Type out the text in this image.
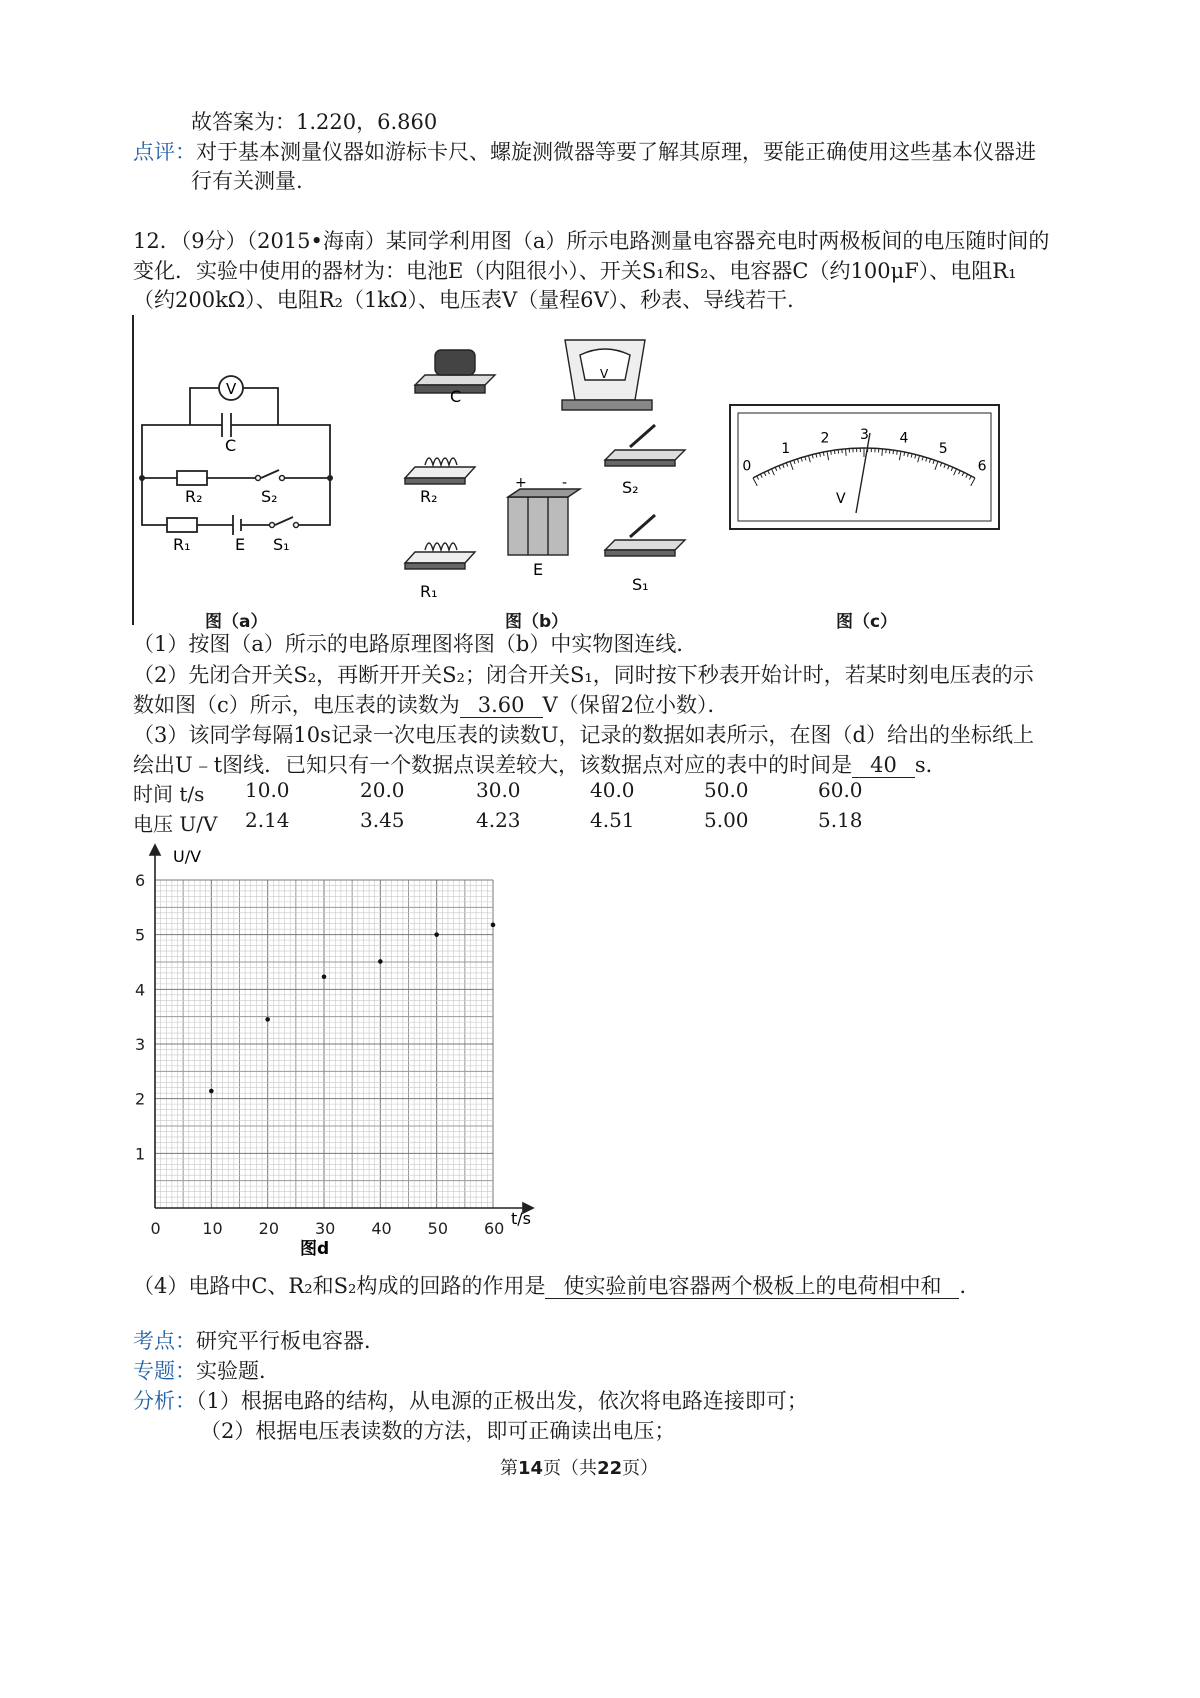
故答案为：1.220，6.860
点评：对于基本测量仪器如游标卡尺、螺旋测微器等要了解其原理，要能正确使用这些基本仪器进
行有关测量.
12．（9分）（2015•海南）某同学利用图（a）所示电路测量电容器充电时两极板间的电压随时间的
变化．实验中使用的器材为：电池E（内阻很小）、开关S₁和S₂、电容器C（约100μF）、电阻R₁
（约200kΩ）、电阻R₂（1kΩ）、电压表V（量程6V）、秒表、导线若干．
V
C
R₂	S₂
R₁	E S₁
图（a）
C
V
R₂
R₁
+	-
E
S₂
S₁
图（b）
V
0
1
2 3 4
5
6
图（c）
（1）按图（a）所示的电路原理图将图（b）中实物图连线．
（2）先闭合开关S₂，再断开开关S₂；闭合开关S₁，同时按下秒表开始计时，若某时刻电压表的示
数如图（c）所示，电压表的读数为 3.60 V（保留2位小数）．
（3）该同学每隔10s记录一次电压表的读数U，记录的数据如表所示，在图（d）给出的坐标纸上
绘出U﹣t图线．已知只有一个数据点误差较大，该数据点对应的表中的时间是 40 s．
时间 t/s 10.0	20.0	30.0	40.0	50.0	60.0
电压 U/V 2.14	3.45	4.23	4.51	5.00	5.18
0	10 20 30 40 50 60
1
2
3
4
5
6
U/V
t/s
图d
（4）电路中C、R₂和S₂构成的回路的作用是 使实验前电容器两个极板上的电荷相中和 ．
考点：研究平行板电容器．
专题：实验题．
分析：（1）根据电路的结构，从电源的正极出发，依次将电路连接即可；
（2）根据电压表读数的方法，即可正确读出电压；
第14页（共22页）
